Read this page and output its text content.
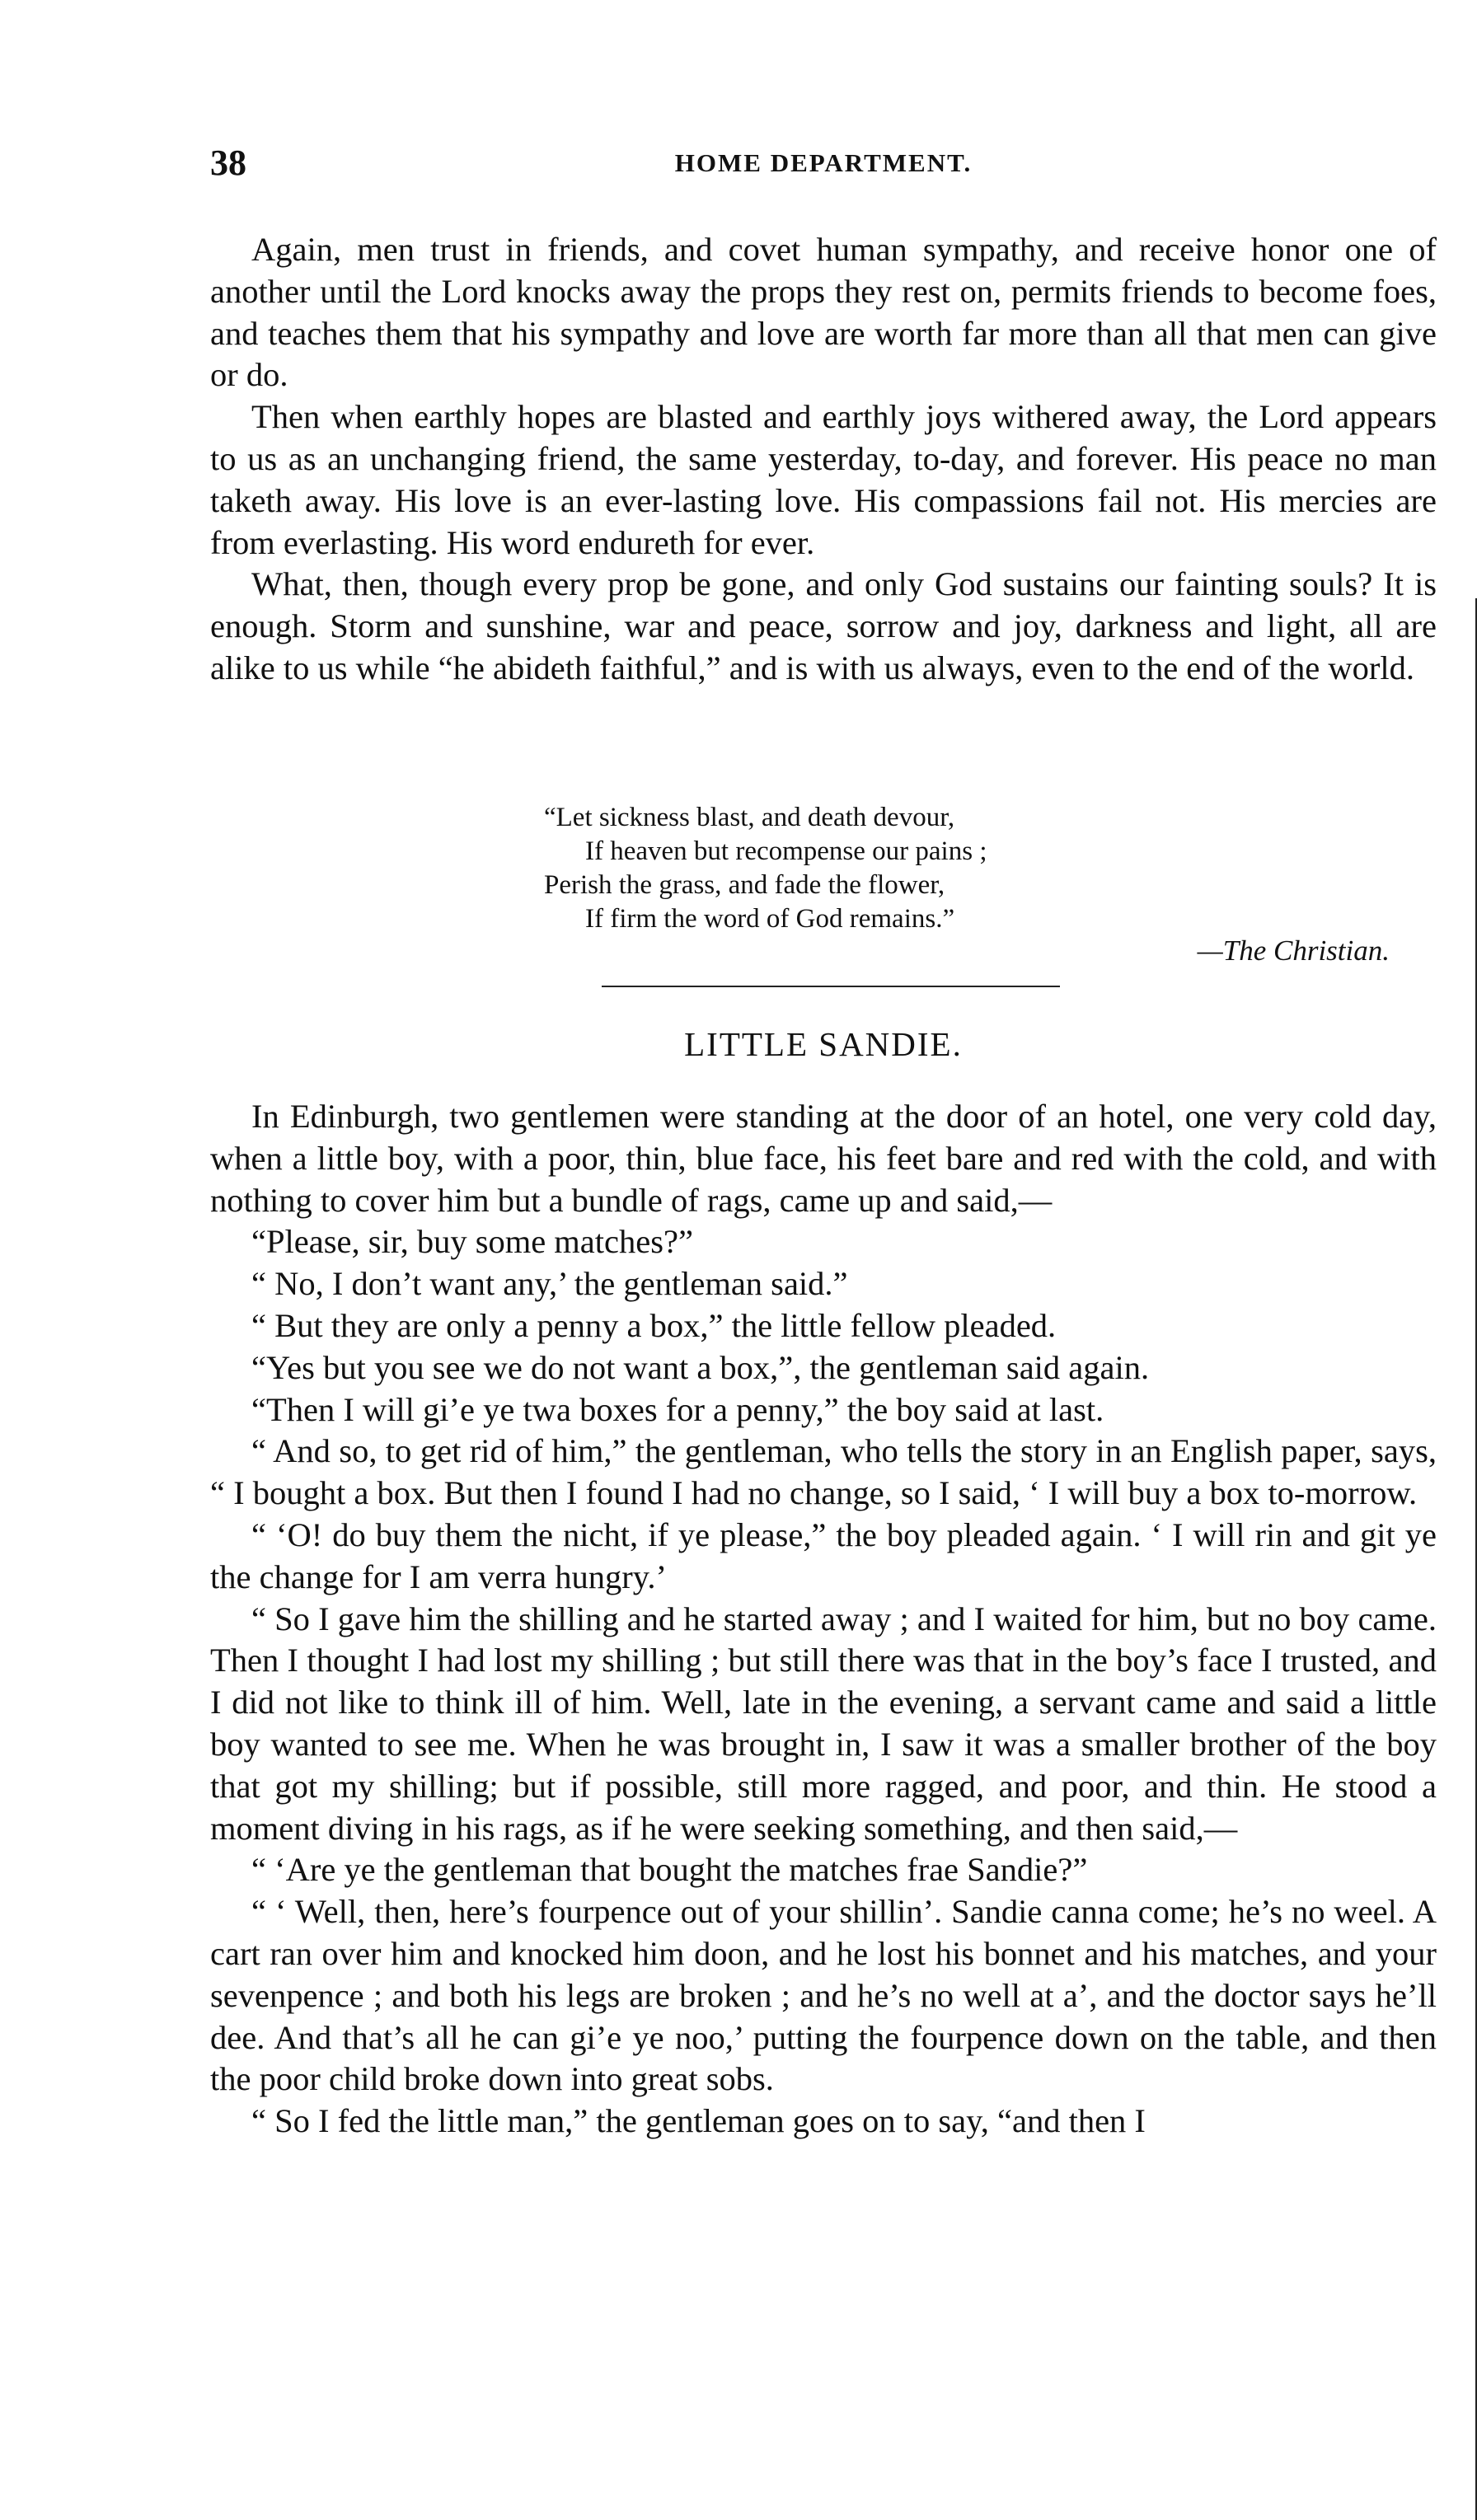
38	HOME DEPARTMENT.

Again, men trust in friends, and covet human sympathy, and receive honor one of another until the Lord knocks away the props they rest on, permits friends to become foes, and teaches them that his sympathy and love are worth far more than all that men can give or do.

Then when earthly hopes are blasted and earthly joys withered away, the Lord appears to us as an unchanging friend, the same yesterday, to-day, and forever. His peace no man taketh away. His love is an ever-lasting love. His compassions fail not. His mercies are from everlasting. His word endureth for ever.

What, then, though every prop be gone, and only God sustains our fainting souls? It is enough. Storm and sunshine, war and peace, sorrow and joy, darkness and light, all are alike to us while “he abideth faithful,” and is with us always, even to the end of the world.

“Let sickness blast, and death devour,
If heaven but recompense our pains ;
Perish the grass, and fade the flower,
If firm the word of God remains.”
—The Christian.
LITTLE SANDIE.

In Edinburgh, two gentlemen were standing at the door of an hotel, one very cold day, when a little boy, with a poor, thin, blue face, his feet bare and red with the cold, and with nothing to cover him but a bundle of rags, came up and said,—

“Please, sir, buy some matches?”

“ No, I don’t want any,’ the gentleman said.”

“ But they are only a penny a box,” the little fellow pleaded.

“Yes but you see we do not want a box,”, the gentleman said again.

“Then I will gi’e ye twa boxes for a penny,” the boy said at last.

“ And so, to get rid of him,” the gentleman, who tells the story in an English paper, says, “ I bought a box. But then I found I had no change, so I said, ‘ I will buy a box to-morrow.

“ ‘O! do buy them the nicht, if ye please,” the boy pleaded again. ‘ I will rin and git ye the change for I am verra hungry.’

“ So I gave him the shilling and he started away ; and I waited for him, but no boy came. Then I thought I had lost my shilling ; but still there was that in the boy’s face I trusted, and I did not like to think ill of him. Well, late in the evening, a servant came and said a little boy wanted to see me. When he was brought in, I saw it was a smaller brother of the boy that got my shilling; but if possible, still more ragged, and poor, and thin. He stood a moment diving in his rags, as if he were seeking something, and then said,—

“ ‘Are ye the gentleman that bought the matches frae Sandie?”

“ ‘ Well, then, here’s fourpence out of your shillin’. Sandie canna come; he’s no weel. A cart ran over him and knocked him doon, and he lost his bonnet and his matches, and your sevenpence ; and both his legs are broken ; and he’s no well at a’, and the doctor says he’ll dee. And that’s all he can gi’e ye noo,’ putting the fourpence down on the table, and then the poor child broke down into great sobs.

“ So I fed the little man,” the gentleman goes on to say, “and then I
